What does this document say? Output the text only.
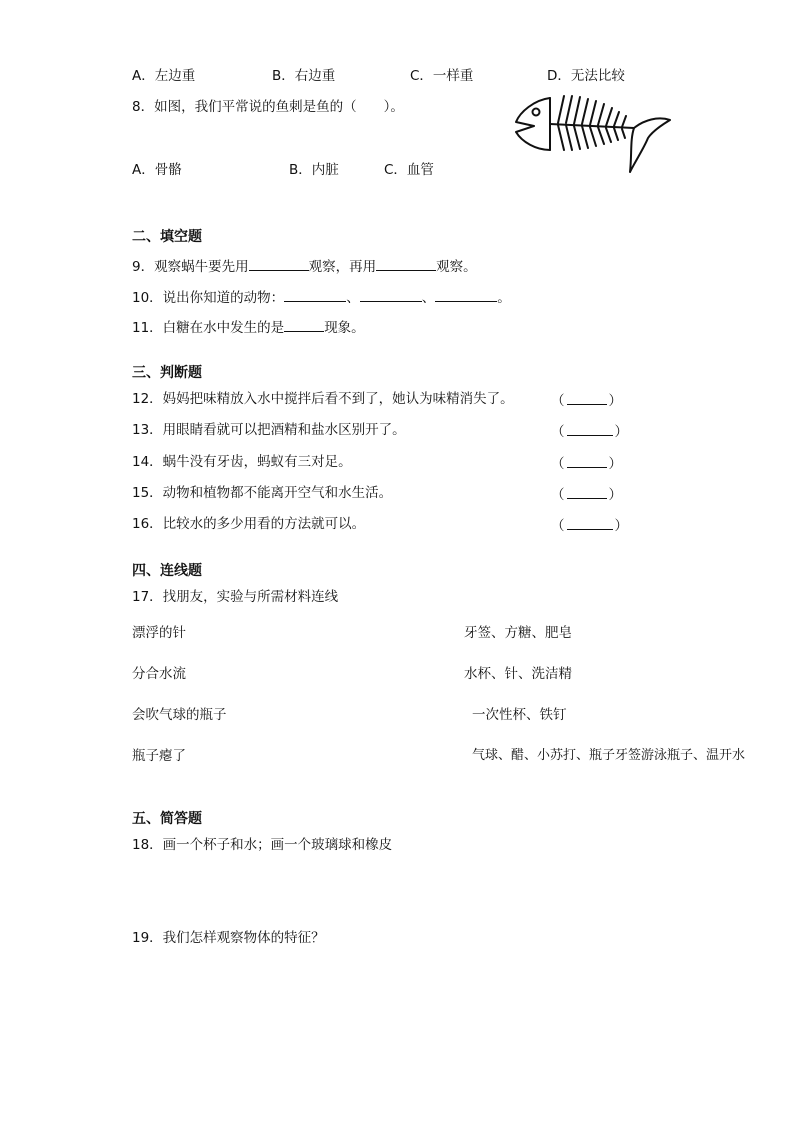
A．左边重	B．右边重	C．一样重	D．无法比较
8．如图，我们平常说的鱼刺是鱼的（　　）。
A．骨骼	B．内脏	C．血管
二、填空题
9．观察蜗牛要先用	观察，再用	观察。
10．说出你知道的动物：	、	、	。
11．白糖在水中发生的是	现象。
三、判断题
12．妈妈把味精放入水中搅拌后看不到了，她认为味精消失了。	（	）
13．用眼睛看就可以把酒精和盐水区别开了。	（	）
14．蜗牛没有牙齿，蚂蚁有三对足。	（	）
15．动物和植物都不能离开空气和水生活。	（	）
16．比较水的多少用看的方法就可以。	（	）
四、连线题
17．找朋友，实验与所需材料连线
漂浮的针	牙签、方糖、肥皂
分合水流	水杯、针、洗洁精
会吹气球的瓶子	一次性杯、铁钉
瓶子瘪了	气球、醋、小苏打、瓶子牙签游泳瓶子、温开水
五、简答题
18．画一个杯子和水；画一个玻璃球和橡皮
19．我们怎样观察物体的特征？
